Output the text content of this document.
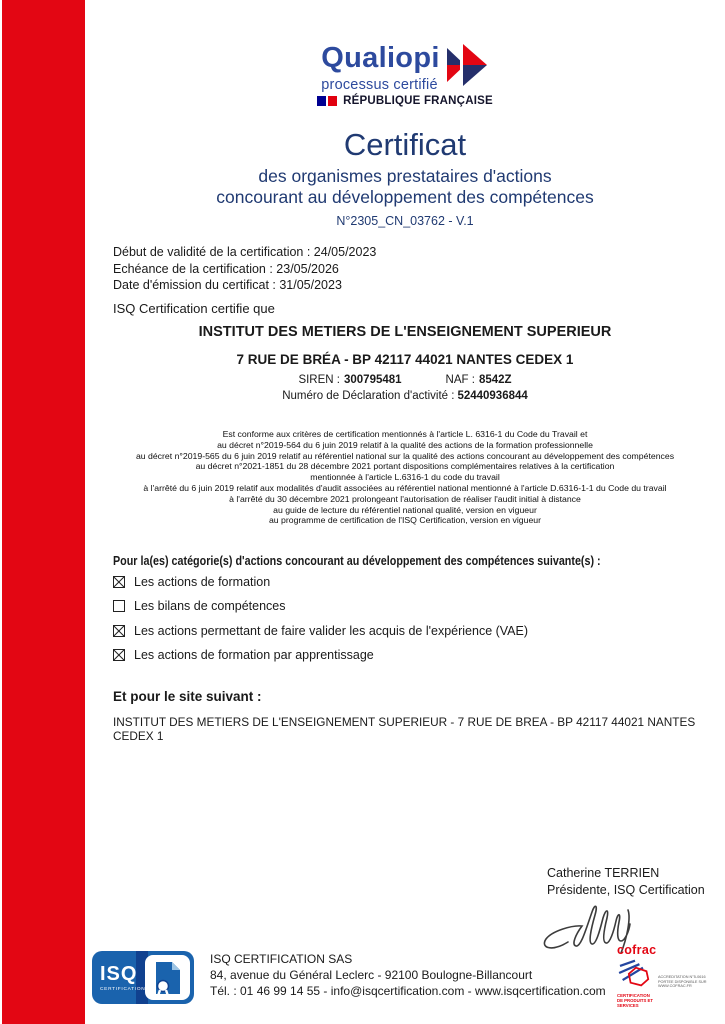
Qualiopi
processus certifié
RÉPUBLIQUE FRANÇAISE
Certificat
des organismes prestataires d'actions
concourant au développement des compétences
N°2305_CN_03762 - V.1
Début de validité de la certification : 24/05/2023
Echéance de la certification : 23/05/2026
Date d'émission du certificat : 31/05/2023
ISQ Certification certifie que
INSTITUT DES METIERS DE L'ENSEIGNEMENT SUPERIEUR
7 RUE DE BRÉA - BP 42117 44021 NANTES CEDEX 1
SIREN : 300795481	NAF : 8542Z
Numéro de Déclaration d'activité : 52440936844
Est conforme aux critères de certification mentionnés à l'article L. 6316-1 du Code du Travail et
au décret n°2019-564 du 6 juin 2019 relatif à la qualité des actions de la formation professionnelle
au décret n°2019-565 du 6 juin 2019 relatif au référentiel national sur la qualité des actions concourant au développement des compétences
au décret n°2021-1851 du 28 décembre 2021 portant dispositions complémentaires relatives à la certification
mentionnée à l'article L.6316-1 du code du travail
à l'arrêté du 6 juin 2019 relatif aux modalités d'audit associées au référentiel national mentionné à l'article D.6316-1-1 du Code du travail
à l'arrêté du 30 décembre 2021 prolongeant l'autorisation de réaliser l'audit initial à distance
au guide de lecture du référentiel national qualité, version en vigueur
au programme de certification de l'ISQ Certification, version en vigueur
Pour la(es) catégorie(s) d'actions concourant au développement des compétences suivante(s) :
Les actions de formation
Les bilans de compétences
Les actions permettant de faire valider les acquis de l'expérience (VAE)
Les actions de formation par apprentissage
Et pour le site suivant :
INSTITUT DES METIERS DE L'ENSEIGNEMENT SUPERIEUR - 7 RUE DE BREA - BP 42117 44021 NANTES CEDEX 1
Catherine TERRIEN
Présidente, ISQ Certification
ISQ
CERTIFICATION
ISQ CERTIFICATION SAS
84, avenue du Général Leclerc - 92100 Boulogne-Billancourt
Tél. : 01 46 99 14 55 - info@isqcertification.com - www.isqcertification.com
cofrac
CERTIFICATION DE PRODUITS ET SERVICES
ACCREDITATION N°5-0616 PORTEE DISPONIBLE SUR WWW.COFRAC.FR
